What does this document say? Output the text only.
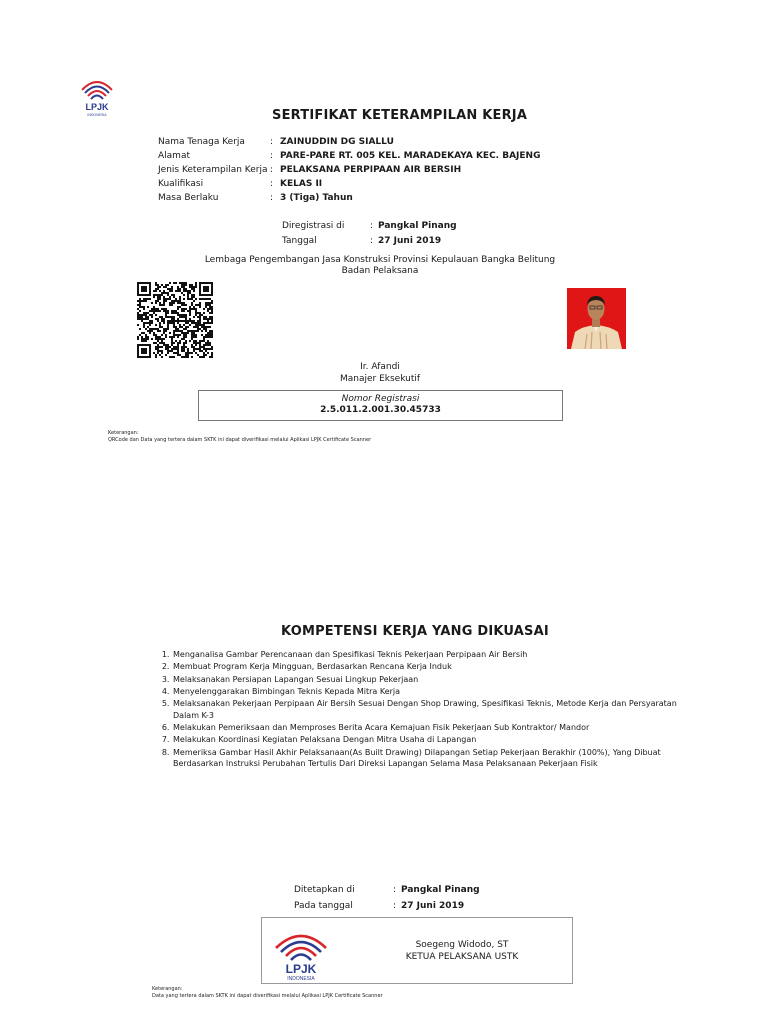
LPJK
INDONESIA	SERTIFIKAT KETERAMPILAN KERJA
Nama Tenaga Kerja	: ZAINUDDIN DG SIALLU
Alamat	: PARE-PARE RT. 005 KEL. MARADEKAYA KEC. BAJENG
Jenis Keterampilan Kerja : PELAKSANA PERPIPAAN AIR BERSIH
Kualifikasi	: KELAS II
Masa Berlaku	: 3 (Tiga) Tahun
Diregistrasi di	: Pangkal Pinang
Tanggal	: 27 Juni 2019
Lembaga Pengembangan Jasa Konstruksi Provinsi Kepulauan Bangka Belitung
Badan Pelaksana
Ir. Afandi
Manajer Eksekutif
Nomor Registrasi
2.5.011.2.001.30.45733
Keterangan:
QRCode dan Data yang tertera dalam SKTK ini dapat diverifikasi melalui Aplikasi LPJK Certificate Scanner
KOMPETENSI KERJA YANG DIKUASAI
1. Menganalisa Gambar Perencanaan dan Spesifikasi Teknis Pekerjaan Perpipaan Air Bersih
2. Membuat Program Kerja Mingguan, Berdasarkan Rencana Kerja Induk
3. Melaksanakan Persiapan Lapangan Sesuai Lingkup Pekerjaan
4. Menyelenggarakan Bimbingan Teknis Kepada Mitra Kerja
5. Melaksanakan Pekerjaan Perpipaan Air Bersih Sesuai Dengan Shop Drawing, Spesifikasi Teknis, Metode Kerja dan Persyaratan Dalam K-3
6. Melakukan Pemeriksaan dan Memproses Berita Acara Kemajuan Fisik Pekerjaan Sub Kontraktor/ Mandor
7. Melakukan Koordinasi Kegiatan Pelaksana Dengan Mitra Usaha di Lapangan
8. Memeriksa Gambar Hasil Akhir Pelaksanaan(As Built Drawing) Dilapangan Setiap Pekerjaan Berakhir (100%), Yang Dibuat Berdasarkan Instruksi Perubahan Tertulis Dari Direksi Lapangan Selama Masa Pelaksanaan Pekerjaan Fisik
Ditetapkan di	: Pangkal Pinang
Pada tanggal	: 27 Juni 2019
LPJK
INDONESIA
Soegeng Widodo, ST
KETUA PELAKSANA USTK
Keterangan:
Data yang tertera dalam SKTK ini dapat diverifikasi melalui Aplikasi LPJK Certificate Scanner
